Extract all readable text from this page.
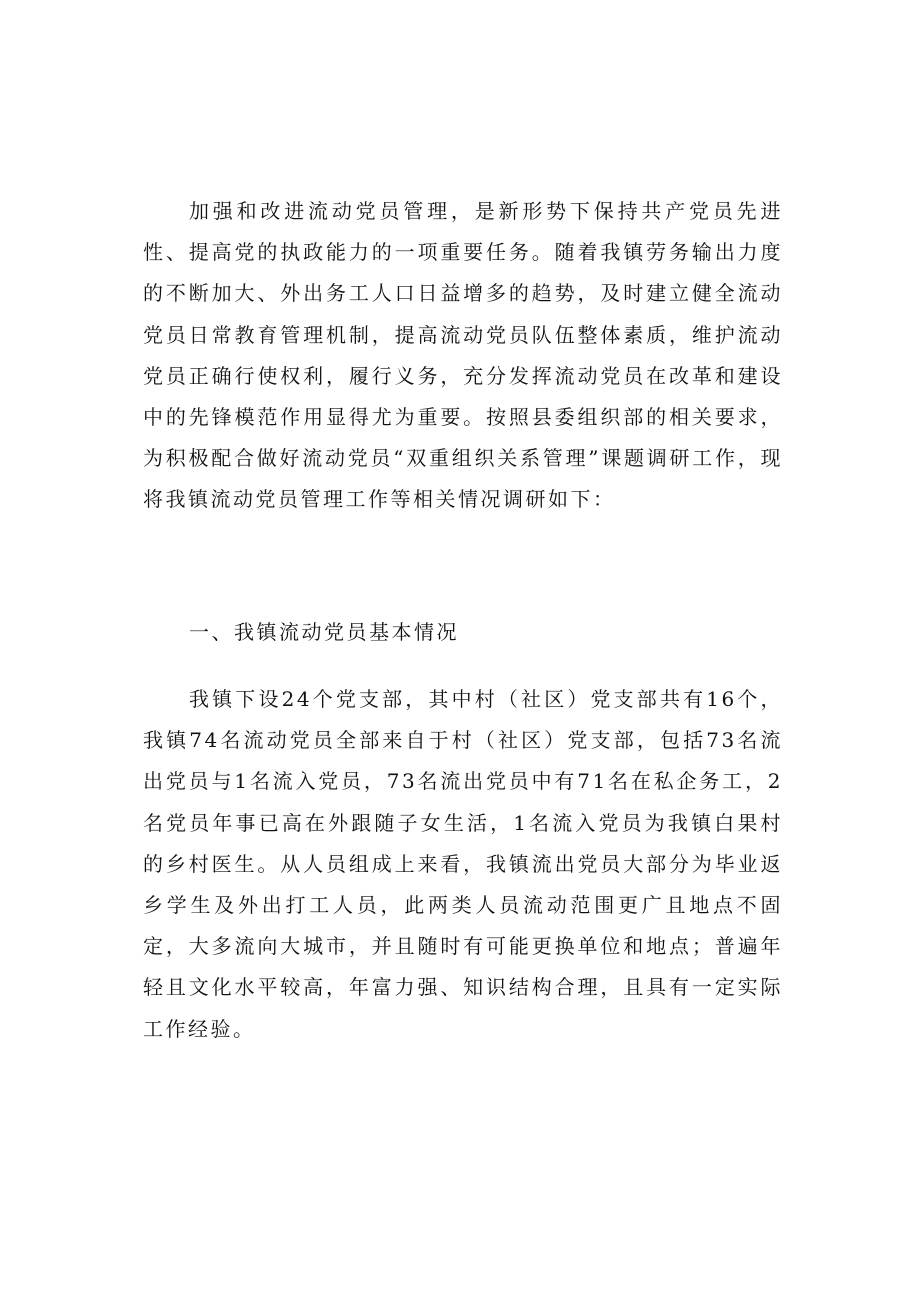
加强和改进流动党员管理，是新形势下保持共产党员先进性、提高党的执政能力的一项重要任务。随着我镇劳务输出力度的不断加大、外出务工人口日益增多的趋势，及时建立健全流动党员日常教育管理机制，提高流动党员队伍整体素质，维护流动党员正确行使权利，履行义务，充分发挥流动党员在改革和建设中的先锋模范作用显得尤为重要。按照县委组织部的相关要求，为积极配合做好流动党员“双重组织关系管理”课题调研工作，现将我镇流动党员管理工作等相关情况调研如下：

一、我镇流动党员基本情况

我镇下设24个党支部，其中村（社区）党支部共有16个，我镇74名流动党员全部来自于村（社区）党支部，包括73名流出党员与1名流入党员，73名流出党员中有71名在私企务工，2名党员年事已高在外跟随子女生活，1名流入党员为我镇白果村的乡村医生。从人员组成上来看，我镇流出党员大部分为毕业返乡学生及外出打工人员，此两类人员流动范围更广且地点不固定，大多流向大城市，并且随时有可能更换单位和地点；普遍年轻且文化水平较高，年富力强、知识结构合理，且具有一定实际工作经验。
